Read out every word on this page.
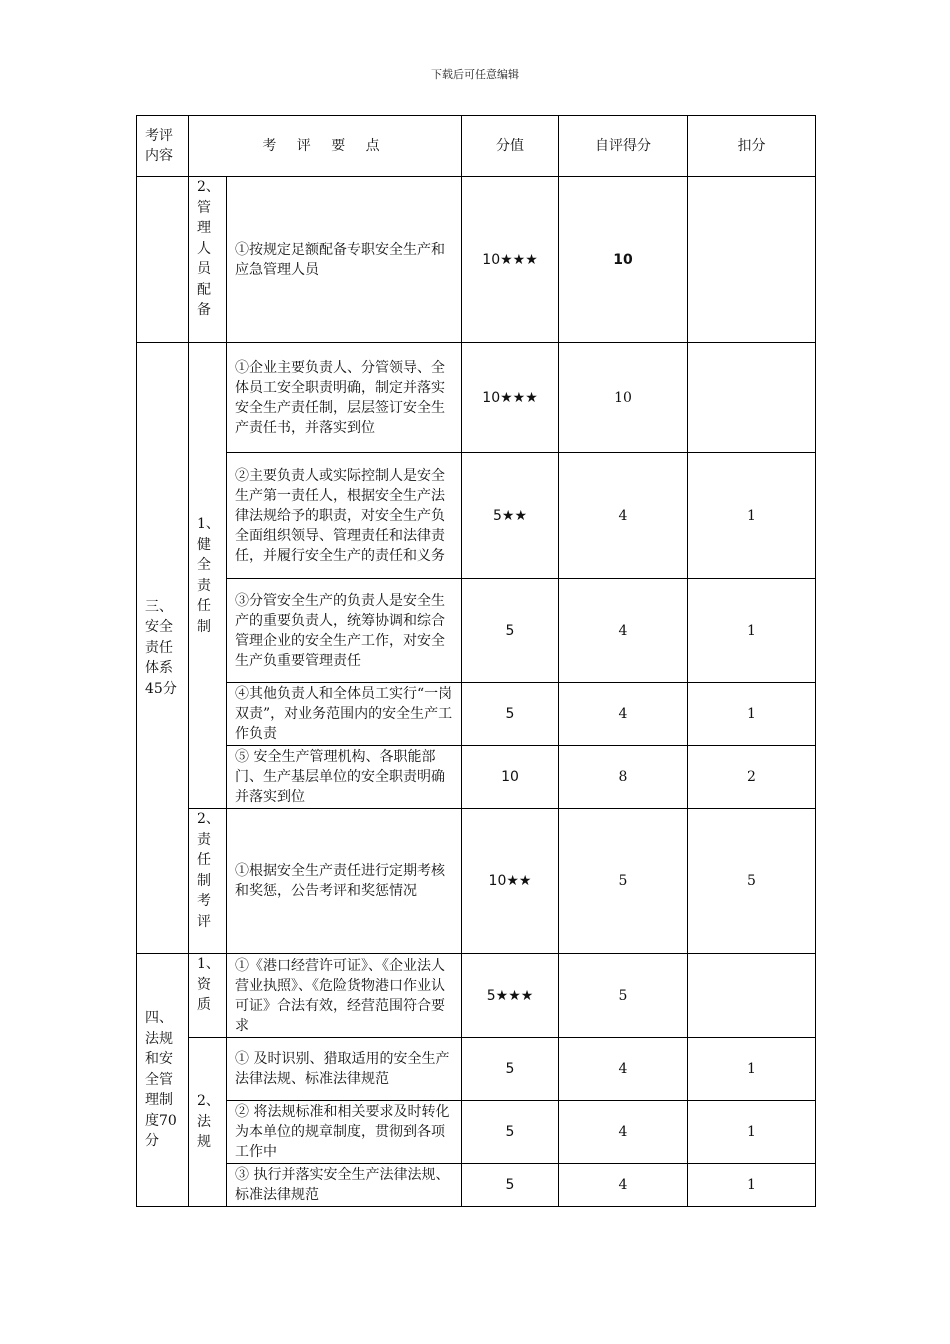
下载后可任意编辑
考评内容	考 评 要 点		分值	自评得分	扣分

	2、管理人员配备	①按规定足额配备专职安全生产和应急管理人员	10★★★	10	

三、安全责任体系45分	1、健全责任制	①企业主要负责人、分管领导、全体员工安全职责明确，制定并落实安全生产责任制，层层签订安全生产责任书，并落实到位	10★★★	10	
		②主要负责人或实际控制人是安全生产第一责任人，根据安全生产法律法规给予的职责，对安全生产负全面组织领导、管理责任和法律责任，并履行安全生产的责任和义务	5★★	4	1
		③分管安全生产的负责人是安全生产的重要负责人，统筹协调和综合管理企业的安全生产工作，对安全生产负重要管理责任	5	4	1
		④其他负责人和全体员工实行“一岗双责”，对业务范围内的安全生产工作负责	5	4	1
		⑤ 安全生产管理机构、各职能部门、生产基层单位的安全职责明确并落实到位	10	8	2

	2、责任制考评	①根据安全生产责任进行定期考核和奖惩，公告考评和奖惩情况	10★★	5	5

四、法规和安全管理制度70分	1、资质	①《港口经营许可证》、《企业法人营业执照》、《危险货物港口作业认可证》合法有效，经营范围符合要求	5★★★	5	

	2、法规	① 及时识别、猎取适用的安全生产法律法规、标准法律规范	5	4	1
		② 将法规标准和相关要求及时转化为本单位的规章制度，贯彻到各项工作中	5	4	1
		③ 执行并落实安全生产法律法规、标准法律规范	5	4	1
